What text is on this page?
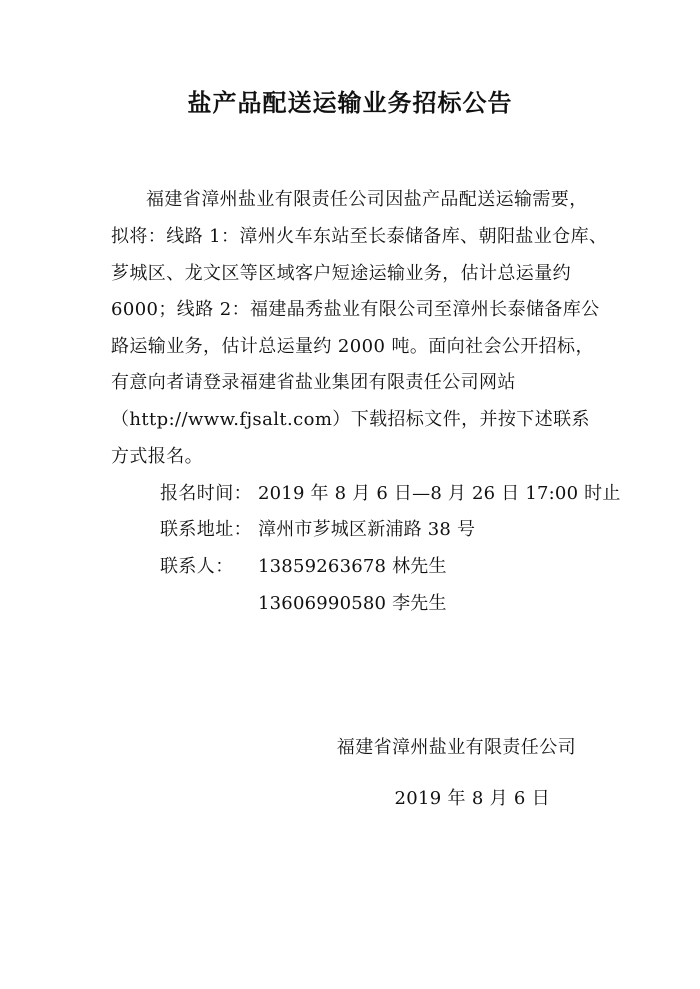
盐产品配送运输业务招标公告

福建省漳州盐业有限责任公司因盐产品配送运输需要，

拟将：线路 1：漳州火车东站至长泰储备库、朝阳盐业仓库、

芗城区、龙文区等区域客户短途运输业务，估计总运量约

6000；线路 2：福建晶秀盐业有限公司至漳州长泰储备库公

路运输业务，估计总运量约 2000 吨。面向社会公开招标，

有意向者请登录福建省盐业集团有限责任公司网站

（http://www.fjsalt.com）下载招标文件，并按下述联系

方式报名。

报名时间： 2019 年 8 月 6 日—8 月 26 日 17:00 时止
联系地址： 漳州市芗城区新浦路 38 号
联系人： 13859263678 林先生
13606990580 李先生
福建省漳州盐业有限责任公司
2019 年 8 月 6 日
